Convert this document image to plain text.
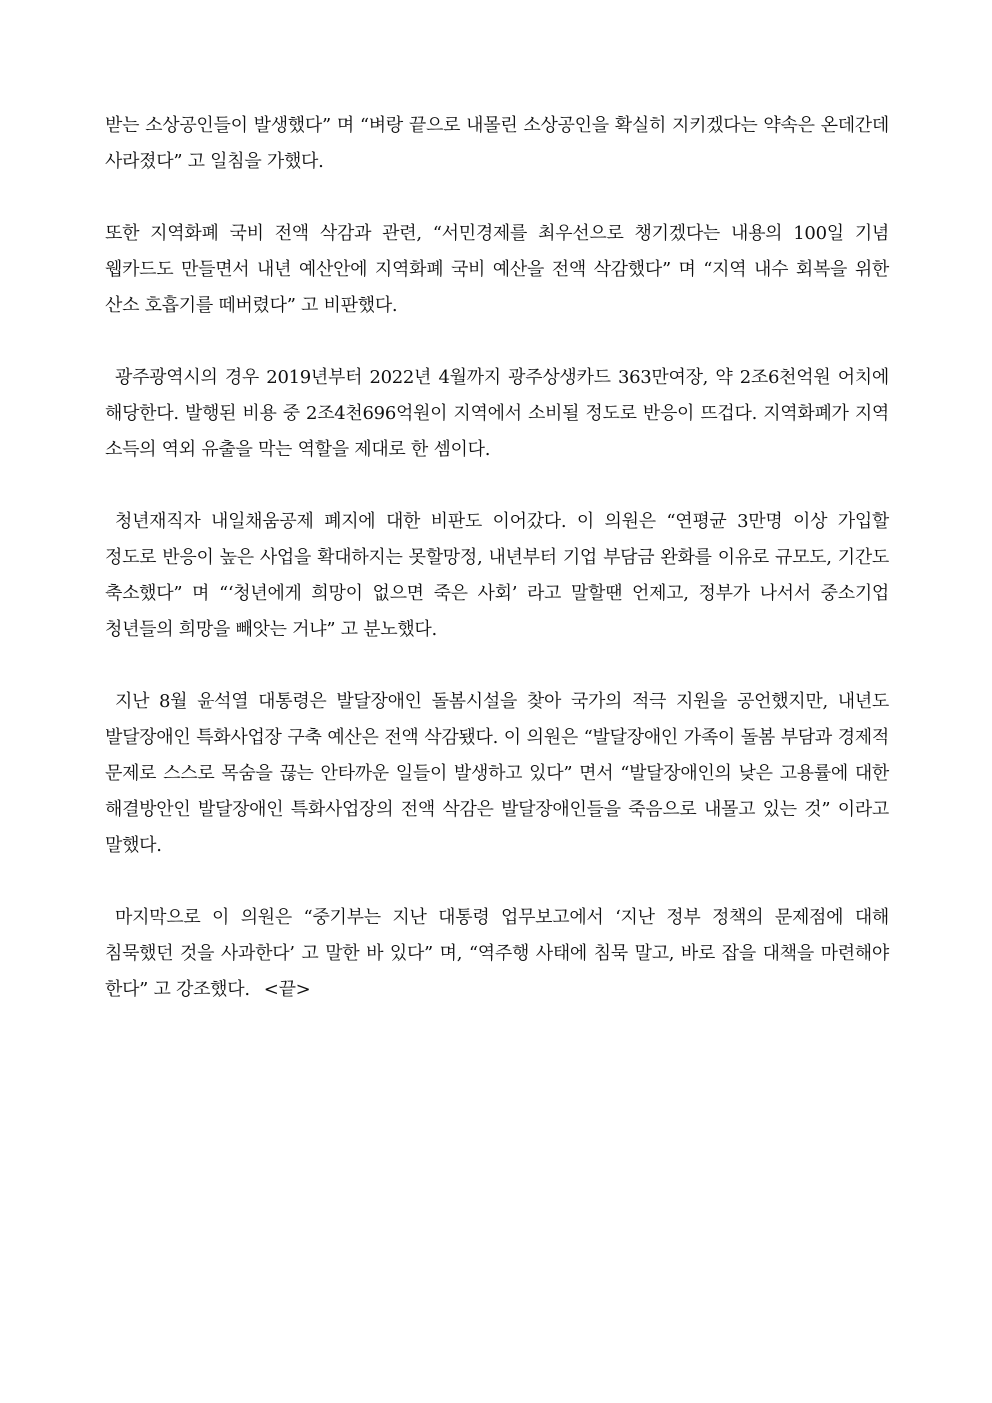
받는 소상공인들이 발생했다” 며 “벼랑 끝으로 내몰린 소상공인을 확실히 지키겠다는 약속은 온데간데 사라졌다” 고 일침을 가했다.

또한 지역화폐 국비 전액 삭감과 관련, “서민경제를 최우선으로 챙기겠다는 내용의 100일 기념 웹카드도 만들면서 내년 예산안에 지역화폐 국비 예산을 전액 삭감했다” 며 “지역 내수 회복을 위한 산소 호흡기를 떼버렸다” 고 비판했다.

광주광역시의 경우 2019년부터 2022년 4월까지 광주상생카드 363만여장, 약 2조6천억원 어치에 해당한다. 발행된 비용 중 2조4천696억원이 지역에서 소비될 정도로 반응이 뜨겁다. 지역화폐가 지역 소득의 역외 유출을 막는 역할을 제대로 한 셈이다.

청년재직자 내일채움공제 폐지에 대한 비판도 이어갔다. 이 의원은 “연평균 3만명 이상 가입할 정도로 반응이 높은 사업을 확대하지는 못할망정, 내년부터 기업 부담금 완화를 이유로 규모도, 기간도 축소했다” 며 “‘청년에게 희망이 없으면 죽은 사회’ 라고 말할땐 언제고, 정부가 나서서 중소기업 청년들의 희망을 빼앗는 거냐” 고 분노했다.

지난 8월 윤석열 대통령은 발달장애인 돌봄시설을 찾아 국가의 적극 지원을 공언했지만, 내년도 발달장애인 특화사업장 구축 예산은 전액 삭감됐다. 이 의원은 “발달장애인 가족이 돌봄 부담과 경제적 문제로 스스로 목숨을 끊는 안타까운 일들이 발생하고 있다” 면서 “발달장애인의 낮은 고용률에 대한 해결방안인 발달장애인 특화사업장의 전액 삭감은 발달장애인들을 죽음으로 내몰고 있는 것” 이라고 말했다.

마지막으로 이 의원은 “중기부는 지난 대통령 업무보고에서 ‘지난 정부 정책의 문제점에 대해 침묵했던 것을 사과한다’ 고 말한 바 있다” 며, “역주행 사태에 침묵 말고, 바로 잡을 대책을 마련해야 한다” 고 강조했다. <끝>
